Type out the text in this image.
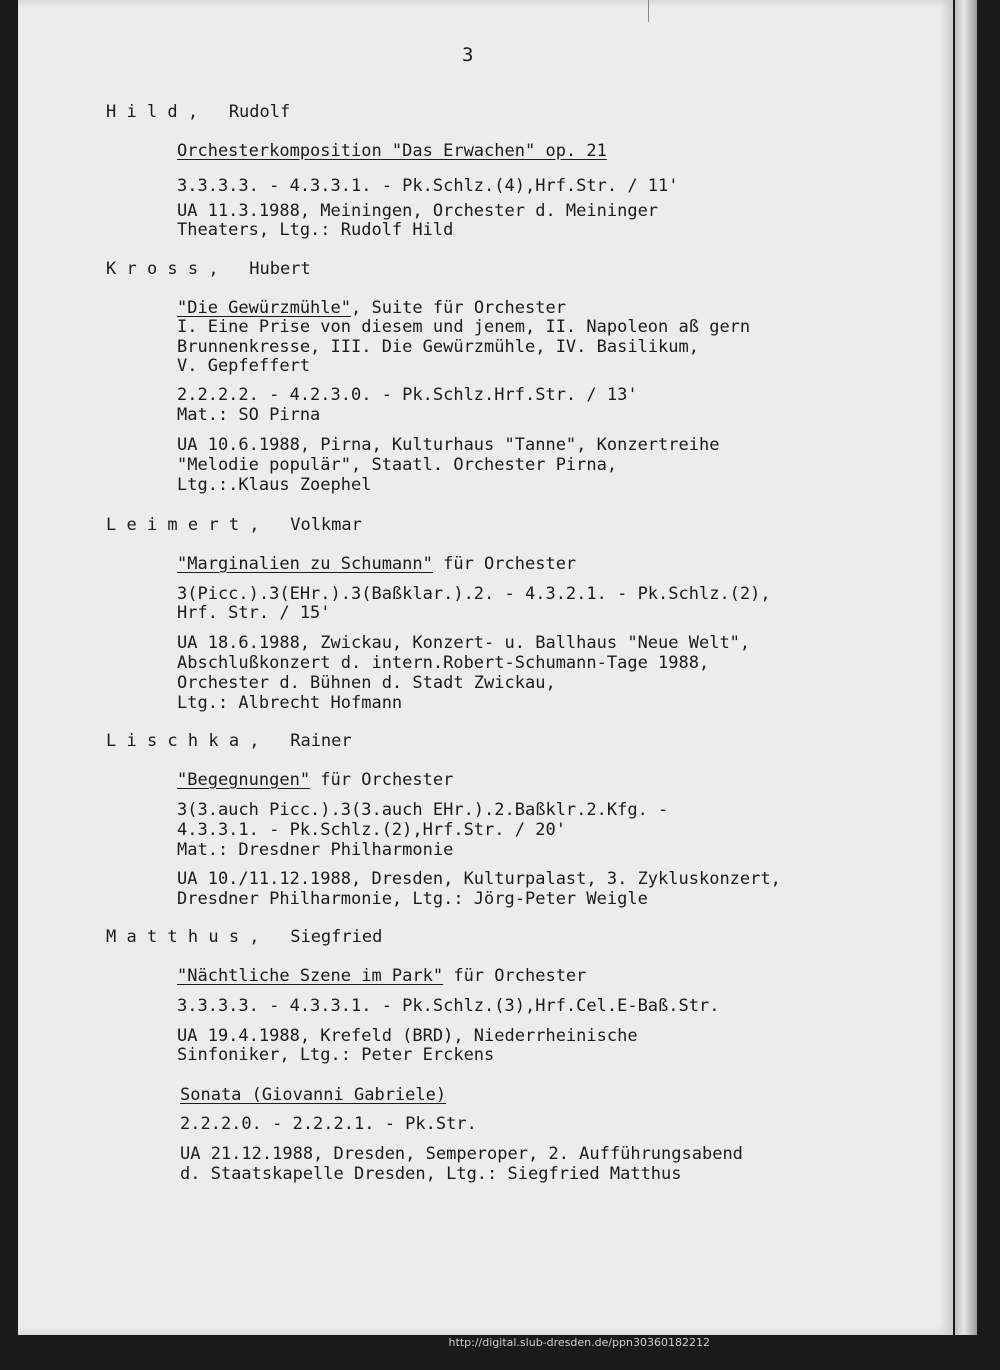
3
H i l d ,   Rudolf
Orchesterkomposition "Das Erwachen" op. 21
3.3.3.3. - 4.3.3.1. - Pk.Schlz.(4),Hrf.Str. / 11'
UA 11.3.1988, Meiningen, Orchester d. Meininger
Theaters, Ltg.: Rudolf Hild
K r o s s ,   Hubert
"Die Gewürzmühle", Suite für Orchester
I. Eine Prise von diesem und jenem, II. Napoleon aß gern
Brunnenkresse, III. Die Gewürzmühle, IV. Basilikum,
V. Gepfeffert
2.2.2.2. - 4.2.3.0. - Pk.Schlz.Hrf.Str. / 13'
Mat.: SO Pirna
UA 10.6.1988, Pirna, Kulturhaus "Tanne", Konzertreihe
"Melodie populär", Staatl. Orchester Pirna,
Ltg.:.Klaus Zoephel
L e i m e r t ,   Volkmar
"Marginalien zu Schumann" für Orchester
3(Picc.).3(EHr.).3(Baßklar.).2. - 4.3.2.1. - Pk.Schlz.(2),
Hrf. Str. / 15'
UA 18.6.1988, Zwickau, Konzert- u. Ballhaus "Neue Welt",
Abschlußkonzert d. intern.Robert-Schumann-Tage 1988,
Orchester d. Bühnen d. Stadt Zwickau,
Ltg.: Albrecht Hofmann
L i s c h k a ,   Rainer
"Begegnungen" für Orchester
3(3.auch Picc.).3(3.auch EHr.).2.Baßklr.2.Kfg. -
4.3.3.1. - Pk.Schlz.(2),Hrf.Str. / 20'
Mat.: Dresdner Philharmonie
UA 10./11.12.1988, Dresden, Kulturpalast, 3. Zykluskonzert,
Dresdner Philharmonie, Ltg.: Jörg-Peter Weigle
M a t t h u s ,   Siegfried
"Nächtliche Szene im Park" für Orchester
3.3.3.3. - 4.3.3.1. - Pk.Schlz.(3),Hrf.Cel.E-Baß.Str.
UA 19.4.1988, Krefeld (BRD), Niederrheinische
Sinfoniker, Ltg.: Peter Erckens
Sonata (Giovanni Gabriele)
2.2.2.0. - 2.2.2.1. - Pk.Str.
UA 21.12.1988, Dresden, Semperoper, 2. Aufführungsabend
d. Staatskapelle Dresden, Ltg.: Siegfried Matthus
http://digital.slub-dresden.de/ppn30360182212
